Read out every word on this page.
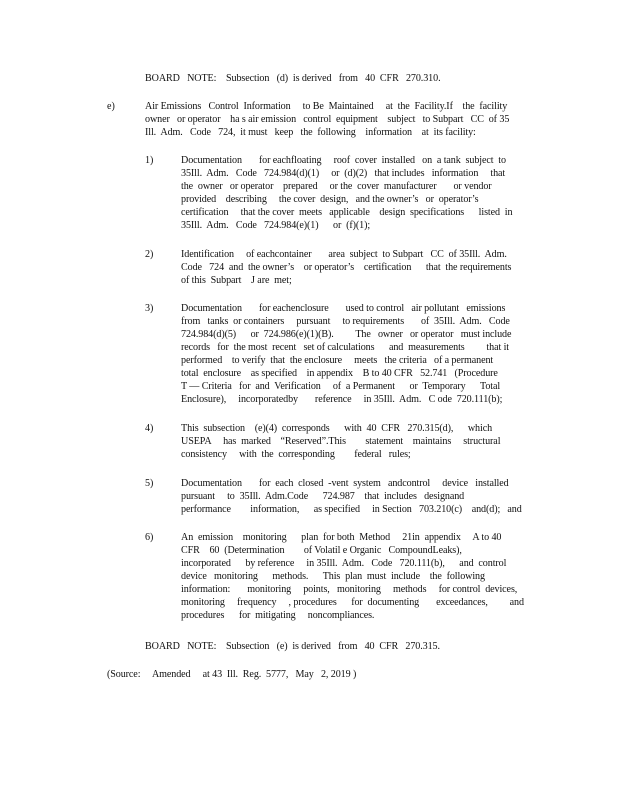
BOARD   NOTE:    Subsection   (d)  is derived   from   40  CFR   270.310.
e)	Air Emissions   Control  Information     to Be  Maintained     at  the  Facility.If    the  facility
owner   or operator    ha s air emission   control  equipment    subject   to Subpart   CC  of 35
Ill.  Adm.   Code   724,  it must   keep   the  following    information    at  its facility:
1)	Documentation       for eachfloating     roof  cover  installed   on  a tank  subject  to
35Ill.  Adm.   Code   724.984(d)(1)     or  (d)(2)   that includes   information     that
the  owner   or operator    prepared     or the  cover  manufacturer       or vendor
provided    describing     the cover  design,   and the owner’s   or  operator’s
certification     that the cover  meets   applicable    design  specifications      listed  in
35Ill.  Adm.   Code   724.984(e)(1)      or  (f)(1);
2)	Identification     of eachcontainer       area  subject  to Subpart   CC  of 35Ill.  Adm.
Code   724  and  the owner’s    or operator’s    certification      that  the requirements
of this  Subpart    J are  met;
3)	Documentation       for eachenclosure       used to control   air pollutant   emissions
from   tanks  or containers     pursuant     to requirements       of  35Ill.  Adm.   Code
724.984(d)(5)      or  724.986(e)(1)(B).         The   owner   or operator   must include
records   for  the most  recent   set of calculations      and  measurements         that it
performed    to verify  that  the enclosure     meets   the criteria   of a permanent
total  enclosure    as specified    in appendix    B to 40 CFR   52.741   (Procedure
T — Criteria   for  and  Verification     of  a Permanent      or  Temporary      Total
Enclosure),     incorporatedby       reference     in 35Ill.  Adm.   C ode  720.111(b);
4)	This  subsection    (e)(4)  corresponds      with  40  CFR   270.315(d),      which
USEPA     has  marked    “Reserved”.This        statement    maintains     structural
consistency     with  the  corresponding        federal   rules;
5)	Documentation       for  each  closed  -vent  system   andcontrol     device   installed
pursuant     to  35Ill.  Adm.Code      724.987    that  includes   designand
performance        information,      as specified     in Section   703.210(c)    and(d);   and
6)	An  emission    monitoring      plan  for both  Method     21in  appendix     A to 40
CFR    60  (Determination        of Volatil e Organic   CompoundLeaks),
incorporated      by reference     in 35Ill.  Adm.   Code   720.111(b),      and  control
device   monitoring      methods.      This  plan  must  include    the  following
information:       monitoring     points,   monitoring     methods     for control  devices,
monitoring     frequency     , procedures      for  documenting       exceedances,         and
procedures      for  mitigating     noncompliances.
BOARD   NOTE:    Subsection   (e)  is derived   from   40  CFR   270.315.
(Source:     Amended     at 43  Ill.  Reg.  5777,   May   2, 2019 )
